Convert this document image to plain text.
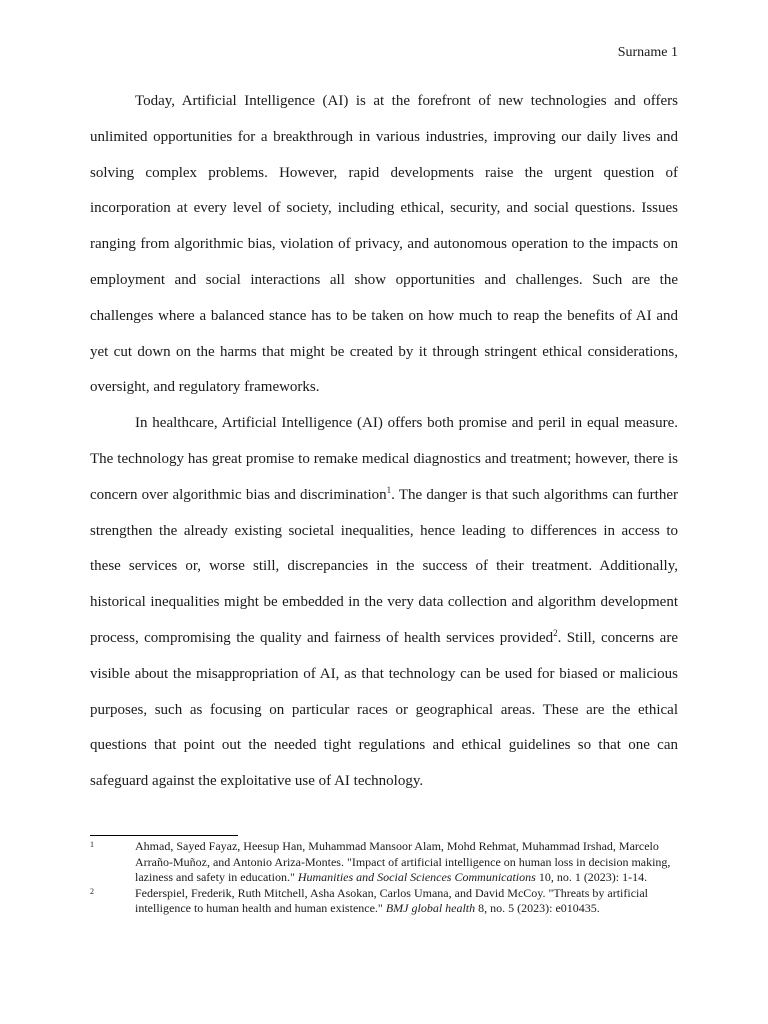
Surname 1

Today, Artificial Intelligence (AI) is at the forefront of new technologies and offers unlimited opportunities for a breakthrough in various industries, improving our daily lives and solving complex problems. However, rapid developments raise the urgent question of incorporation at every level of society, including ethical, security, and social questions. Issues ranging from algorithmic bias, violation of privacy, and autonomous operation to the impacts on employment and social interactions all show opportunities and challenges. Such are the challenges where a balanced stance has to be taken on how much to reap the benefits of AI and yet cut down on the harms that might be created by it through stringent ethical considerations, oversight, and regulatory frameworks.

In healthcare, Artificial Intelligence (AI) offers both promise and peril in equal measure. The technology has great promise to remake medical diagnostics and treatment; however, there is concern over algorithmic bias and discrimination$^1$. The danger is that such algorithms can further strengthen the already existing societal inequalities, hence leading to differences in access to these services or, worse still, discrepancies in the success of their treatment. Additionally, historical inequalities might be embedded in the very data collection and algorithm development process, compromising the quality and fairness of health services provided$^2$. Still, concerns are visible about the misappropriation of AI, as that technology can be used for biased or malicious purposes, such as focusing on particular races or geographical areas. These are the ethical questions that point out the needed tight regulations and ethical guidelines so that one can safeguard against the exploitative use of AI technology.

1	Ahmad, Sayed Fayaz, Heesup Han, Muhammad Mansoor Alam, Mohd Rehmat, Muhammad Irshad, Marcelo Arraño-Muñoz, and Antonio Ariza-Montes. "Impact of artificial intelligence on human loss in decision making, laziness and safety in education." Humanities and Social Sciences Communications 10, no. 1 (2023): 1-14.
2	Federspiel, Frederik, Ruth Mitchell, Asha Asokan, Carlos Umana, and David McCoy. "Threats by artificial intelligence to human health and human existence." BMJ global health 8, no. 5 (2023): e010435.
